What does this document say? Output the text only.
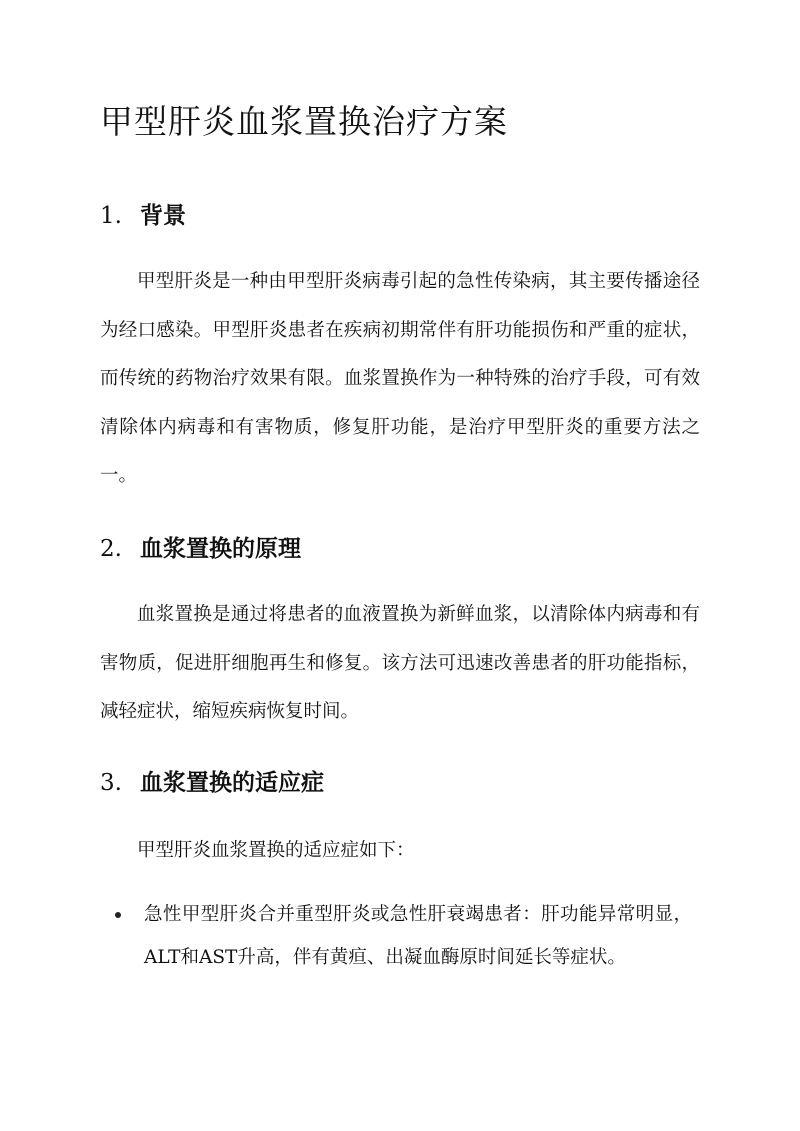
甲型肝炎血浆置换治疗方案
1. 背景

甲型肝炎是一种由甲型肝炎病毒引起的急性传染病，其主要传播途径为经口感染。甲型肝炎患者在疾病初期常伴有肝功能损伤和严重的症状，而传统的药物治疗效果有限。血浆置换作为一种特殊的治疗手段，可有效清除体内病毒和有害物质，修复肝功能，是治疗甲型肝炎的重要方法之一。

2. 血浆置换的原理

血浆置换是通过将患者的血液置换为新鲜血浆，以清除体内病毒和有害物质，促进肝细胞再生和修复。该方法可迅速改善患者的肝功能指标，减轻症状，缩短疾病恢复时间。

3. 血浆置换的适应症

甲型肝炎血浆置换的适应症如下：

急性甲型肝炎合并重型肝炎或急性肝衰竭患者：肝功能异常明显，ALT和AST升高，伴有黄疸、出凝血酶原时间延长等症状。
